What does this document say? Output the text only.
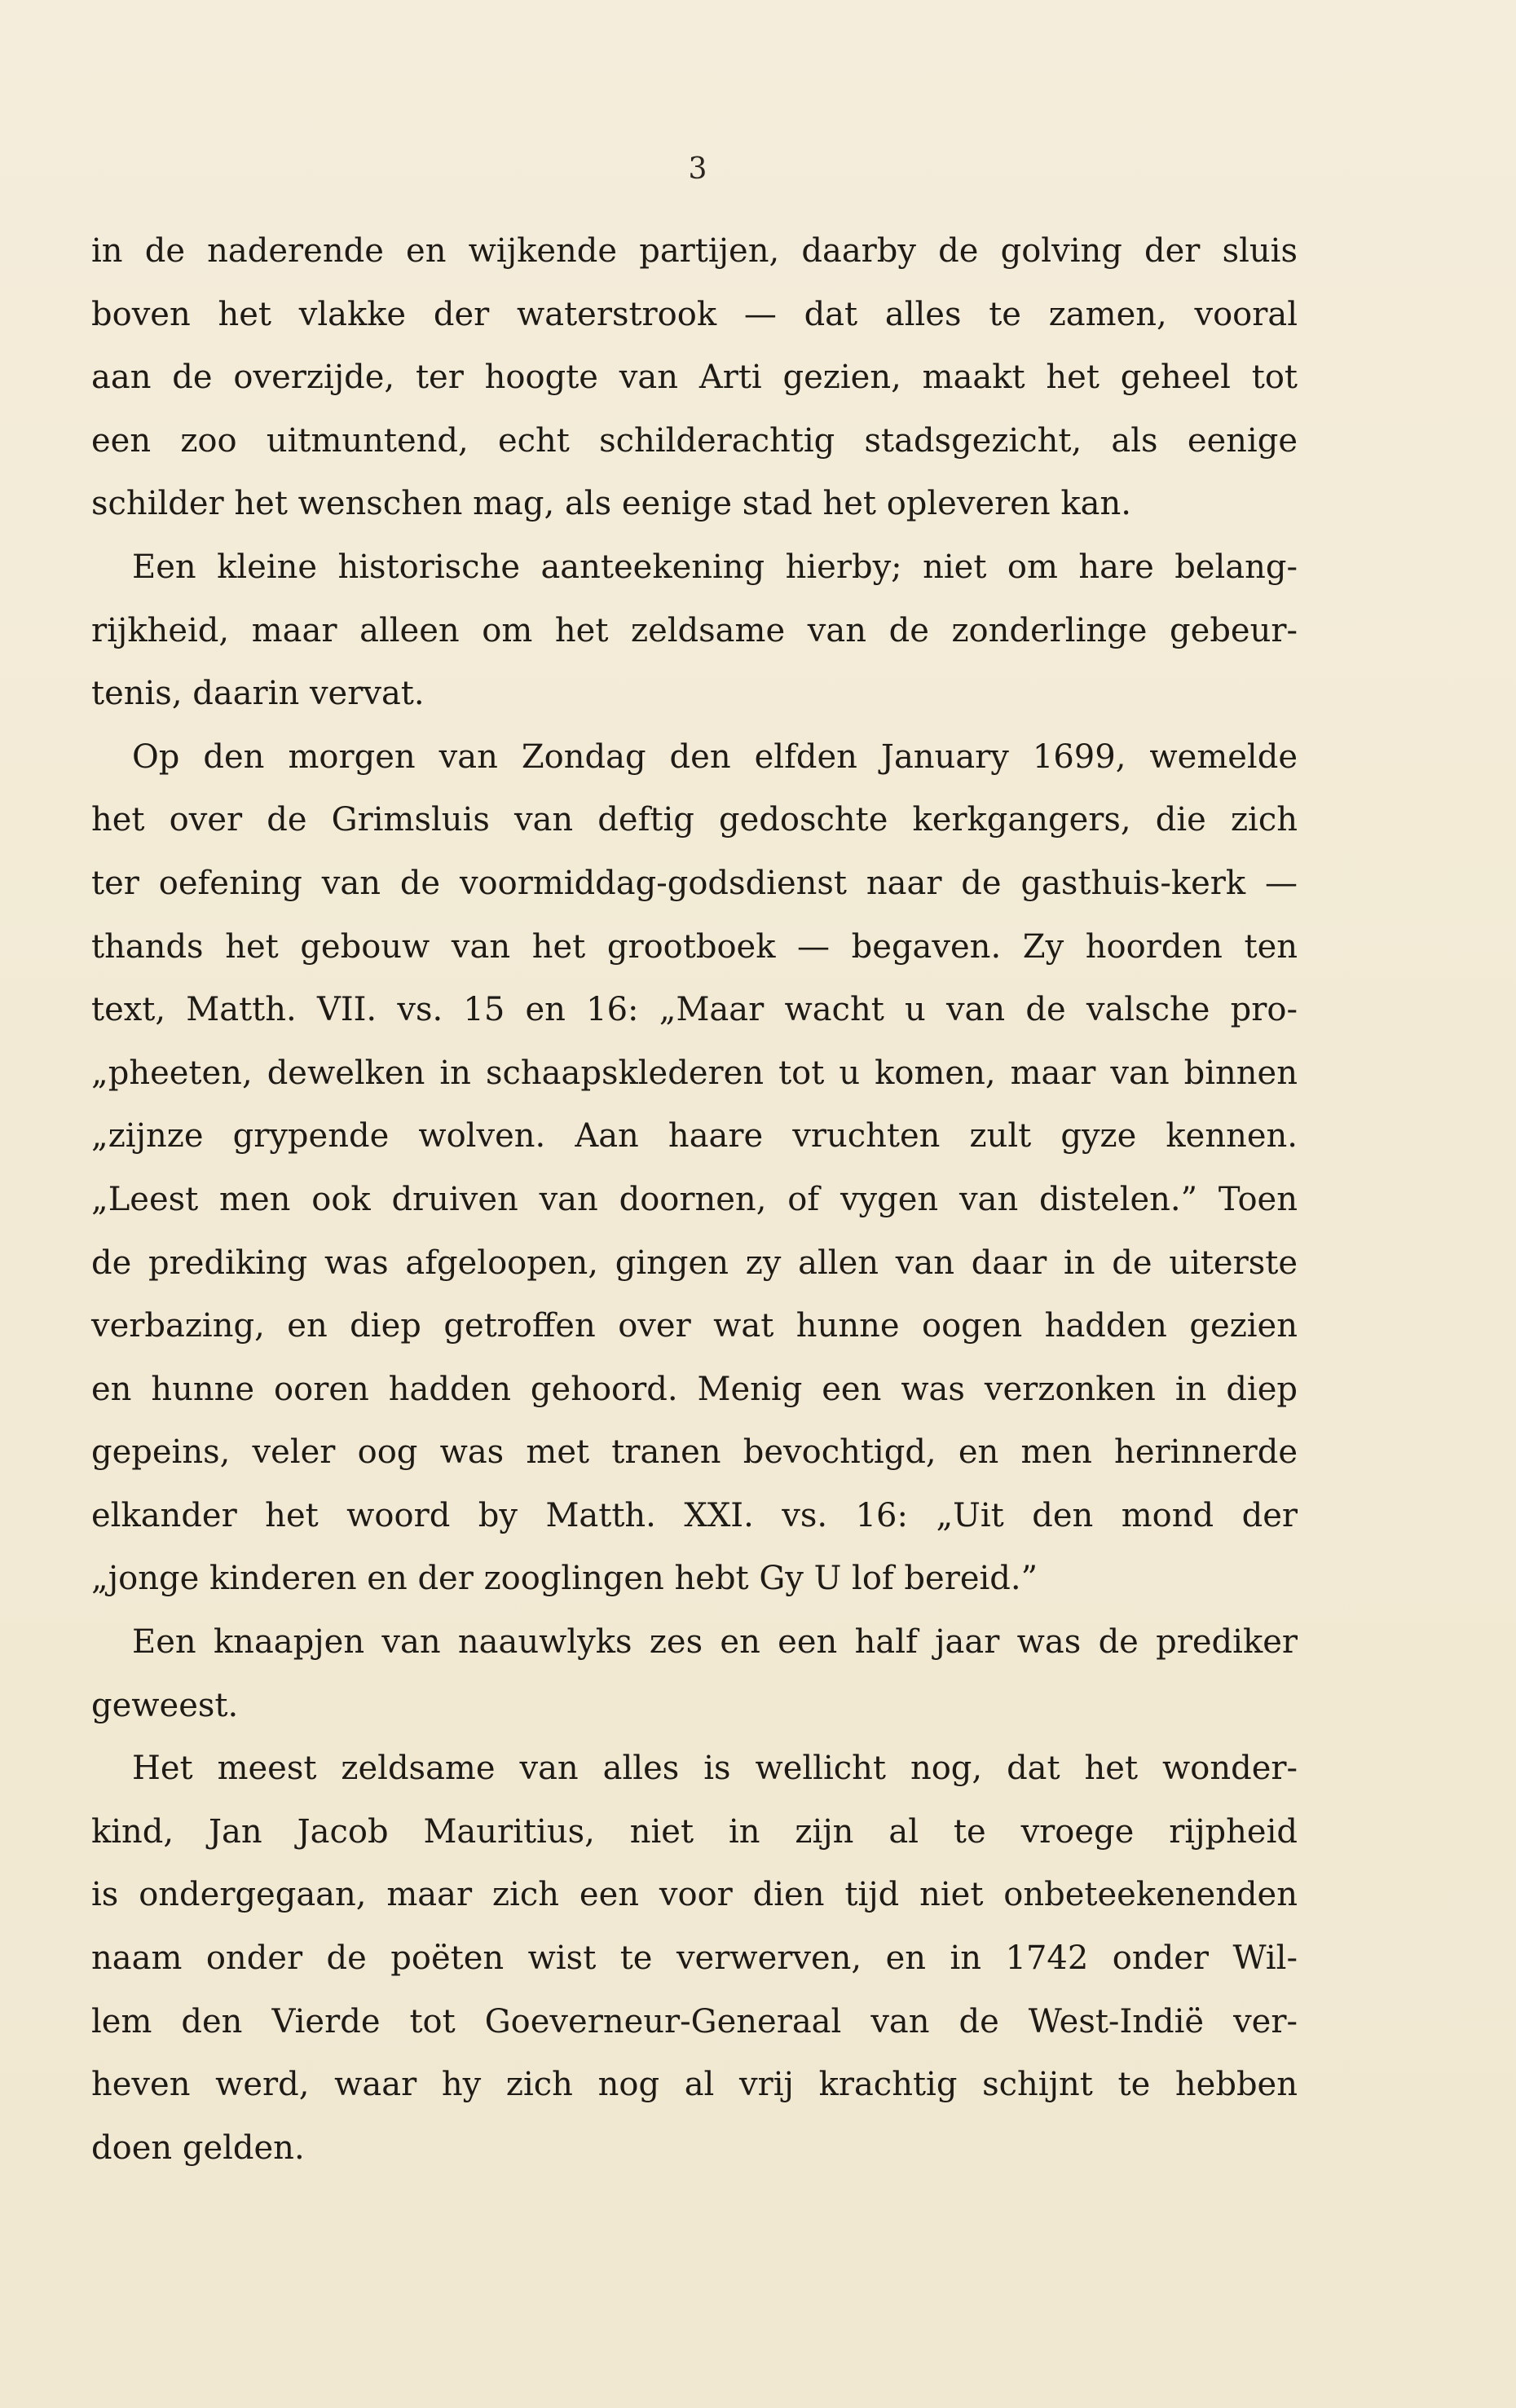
3
in de naderende en wijkende partijen, daarby de golving der sluis
boven het vlakke der waterstrook — dat alles te zamen, vooral
aan de overzijde, ter hoogte van Arti gezien, maakt het geheel tot
een zoo uitmuntend, echt schilderachtig stadsgezicht, als eenige
schilder het wenschen mag, als eenige stad het opleveren kan.
Een kleine historische aanteekening hierby; niet om hare belang-
rijkheid, maar alleen om het zeldsame van de zonderlinge gebeur-
tenis, daarin vervat.
Op den morgen van Zondag den elfden January 1699, wemelde
het over de Grimsluis van deftig gedoschte kerkgangers, die zich
ter oefening van de voormiddag-godsdienst naar de gasthuis-kerk —
thands het gebouw van het grootboek — begaven. Zy hoorden ten
text, Matth. VII. vs. 15 en 16: „Maar wacht u van de valsche pro-
„pheeten, dewelken in schaapsklederen tot u komen, maar van binnen
„zijnze grypende wolven. Aan haare vruchten zult gyze kennen.
„Leest men ook druiven van doornen, of vygen van distelen.” Toen
de prediking was afgeloopen, gingen zy allen van daar in de uiterste
verbazing, en diep getroffen over wat hunne oogen hadden gezien
en hunne ooren hadden gehoord. Menig een was verzonken in diep
gepeins, veler oog was met tranen bevochtigd, en men herinnerde
elkander het woord by Matth. XXI. vs. 16: „Uit den mond der
„jonge kinderen en der zooglingen hebt Gy U lof bereid.”
Een knaapjen van naauwlyks zes en een half jaar was de prediker
geweest.
Het meest zeldsame van alles is wellicht nog, dat het wonder-
kind, Jan Jacob Mauritius, niet in zijn al te vroege rijpheid
is ondergegaan, maar zich een voor dien tijd niet onbeteekenenden
naam onder de poëten wist te verwerven, en in 1742 onder Wil-
lem den Vierde tot Goeverneur-Generaal van de West-Indië ver-
heven werd, waar hy zich nog al vrij krachtig schijnt te hebben
doen gelden.
